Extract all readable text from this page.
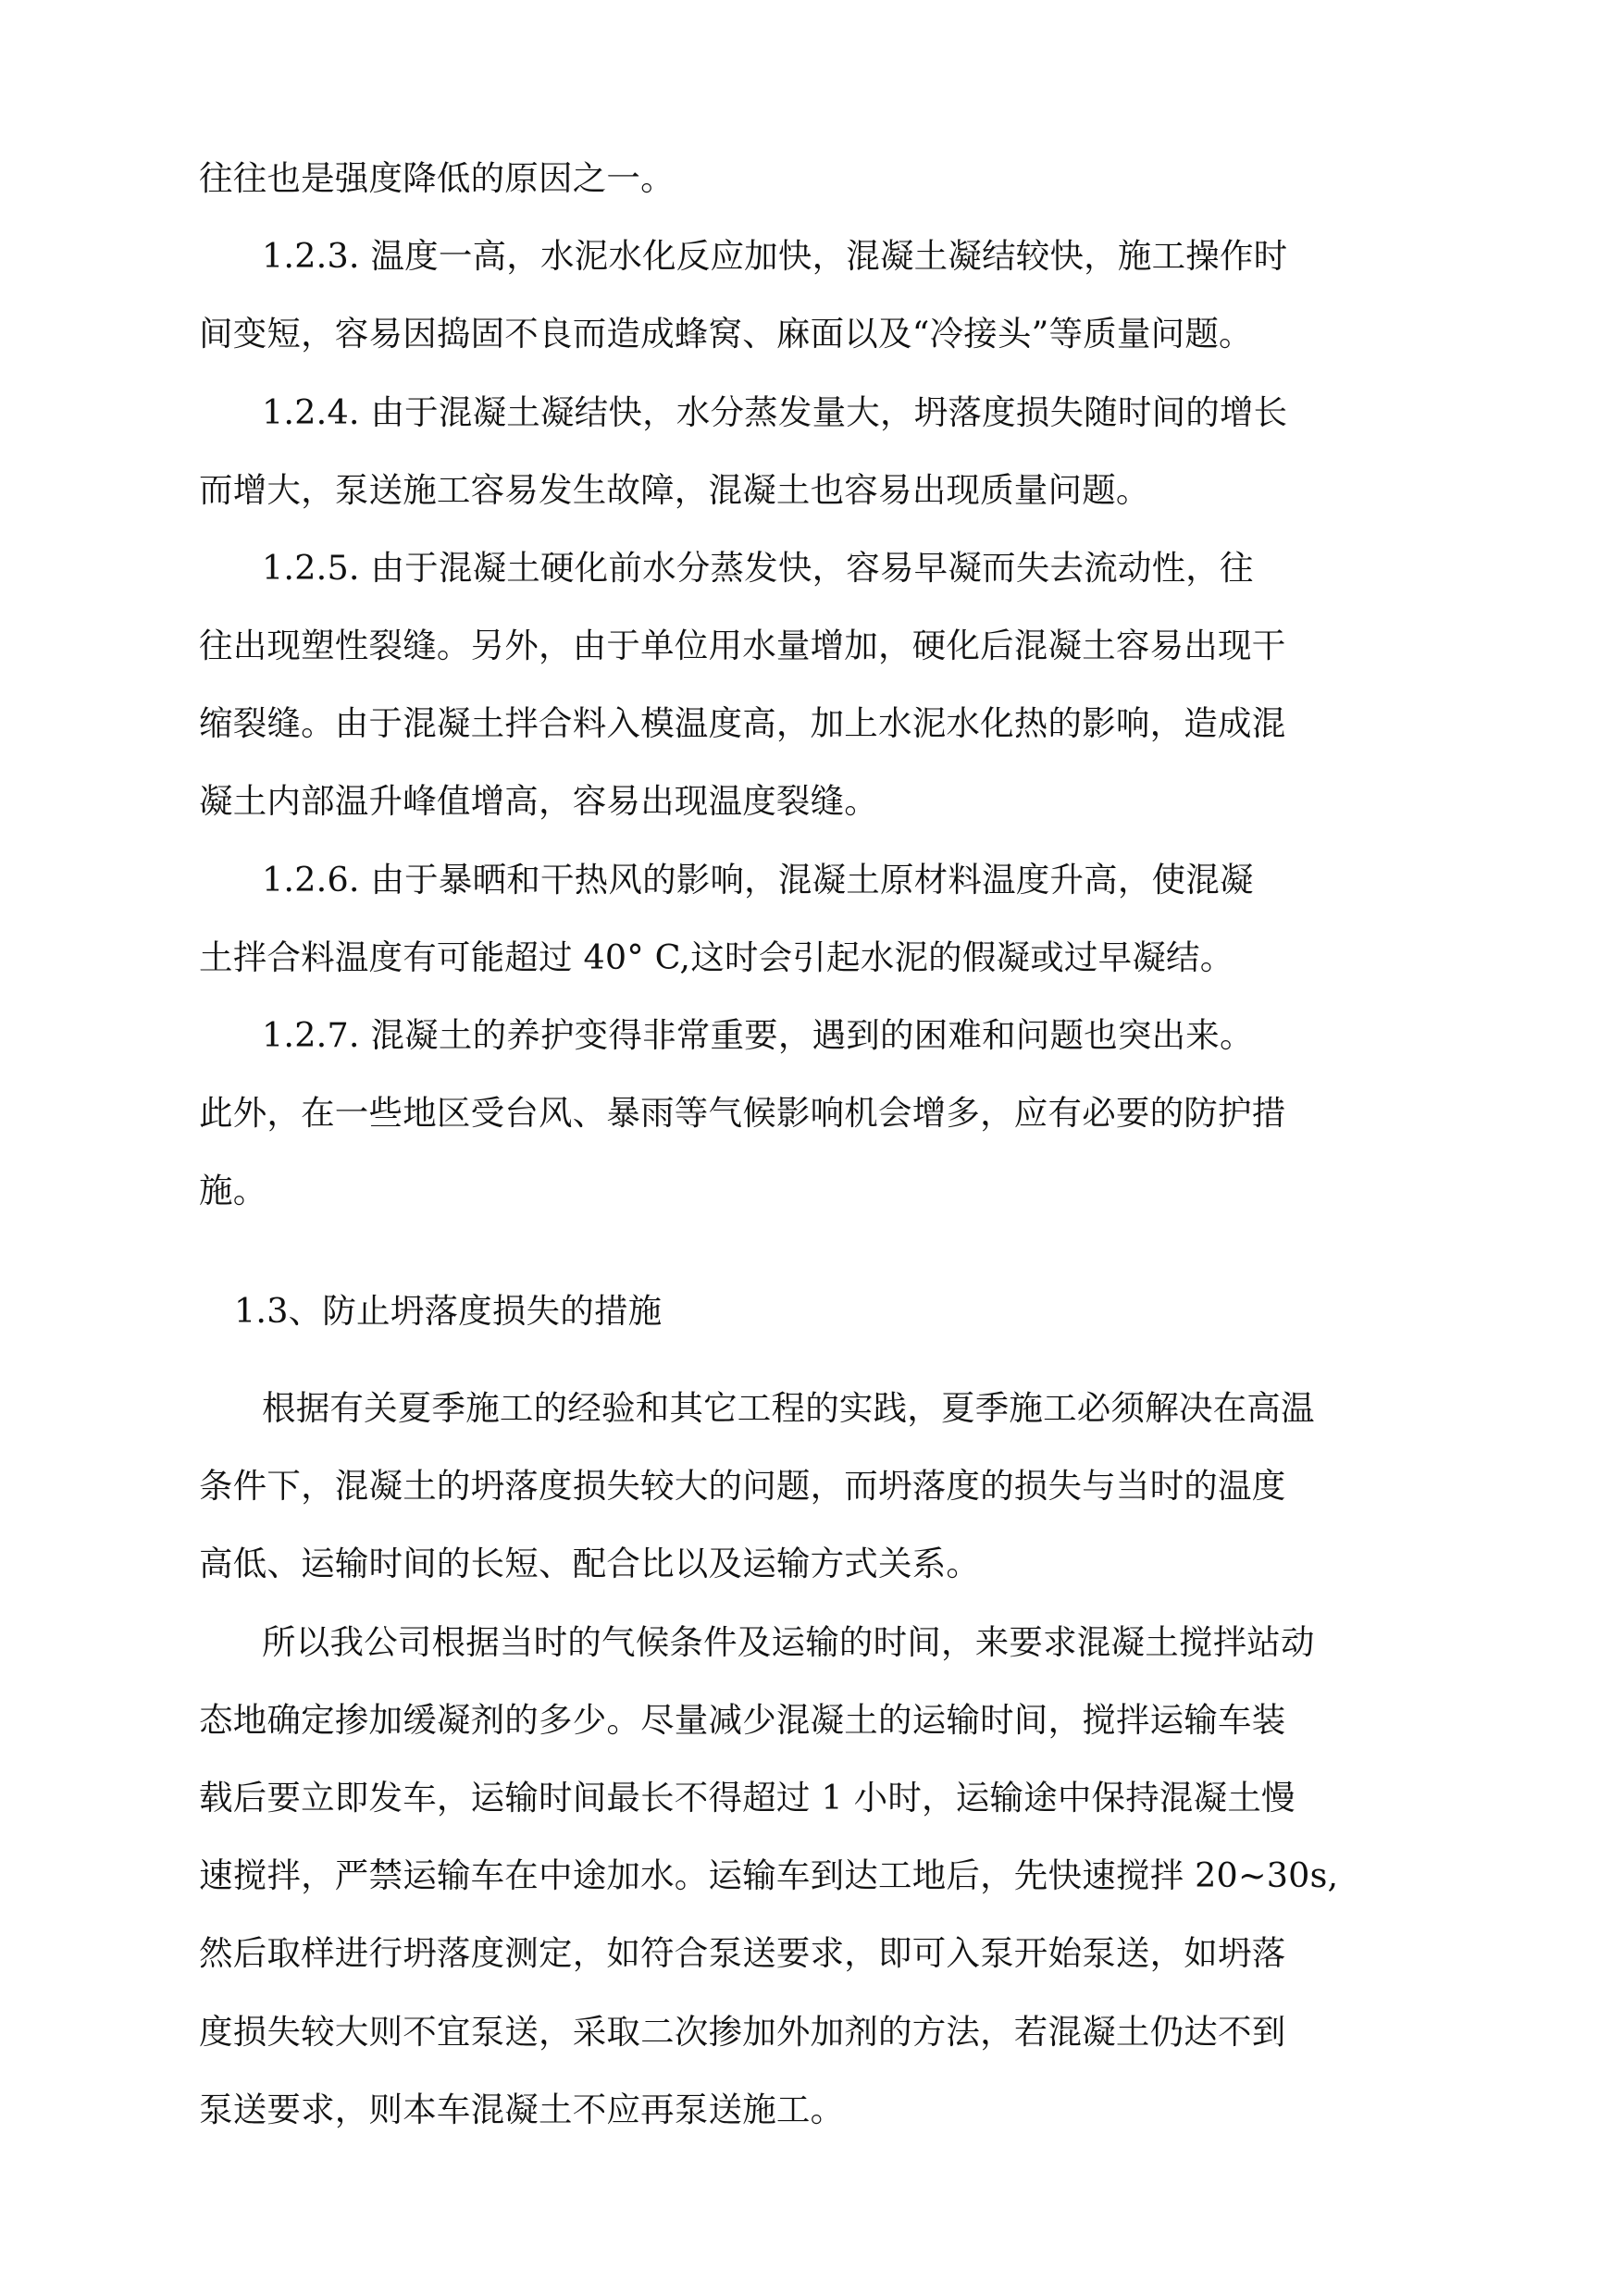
往往也是强度降低的原因之一。
1.2.3. 温度一高，水泥水化反应加快，混凝土凝结较快，施工操作时
间变短，容易因捣固不良而造成蜂窝、麻面以及“冷接头”等质量问题。
1.2.4. 由于混凝土凝结快，水分蒸发量大，坍落度损失随时间的增长
而增大，泵送施工容易发生故障，混凝土也容易出现质量问题。
1.2.5. 由于混凝土硬化前水分蒸发快，容易早凝而失去流动性，往
往出现塑性裂缝。另外，由于单位用水量增加，硬化后混凝土容易出现干
缩裂缝。由于混凝土拌合料入模温度高，加上水泥水化热的影响，造成混
凝土内部温升峰值增高，容易出现温度裂缝。
1.2.6. 由于暴晒和干热风的影响，混凝土原材料温度升高，使混凝
土拌合料温度有可能超过 40° C,这时会引起水泥的假凝或过早凝结。
1.2.7. 混凝土的养护变得非常重要，遇到的困难和问题也突出来。
此外，在一些地区受台风、暴雨等气候影响机会增多，应有必要的防护措
施。
1.3、防止坍落度损失的措施
根据有关夏季施工的经验和其它工程的实践，夏季施工必须解决在高温
条件下，混凝土的坍落度损失较大的问题，而坍落度的损失与当时的温度
高低、运输时间的长短、配合比以及运输方式关系。
所以我公司根据当时的气候条件及运输的时间，来要求混凝土搅拌站动
态地确定掺加缓凝剂的多少。尽量减少混凝土的运输时间，搅拌运输车装
载后要立即发车，运输时间最长不得超过 1 小时，运输途中保持混凝土慢
速搅拌，严禁运输车在中途加水。运输车到达工地后，先快速搅拌 20~30s,
然后取样进行坍落度测定，如符合泵送要求，即可入泵开始泵送，如坍落
度损失较大则不宜泵送，采取二次掺加外加剂的方法，若混凝土仍达不到
泵送要求，则本车混凝土不应再泵送施工。
